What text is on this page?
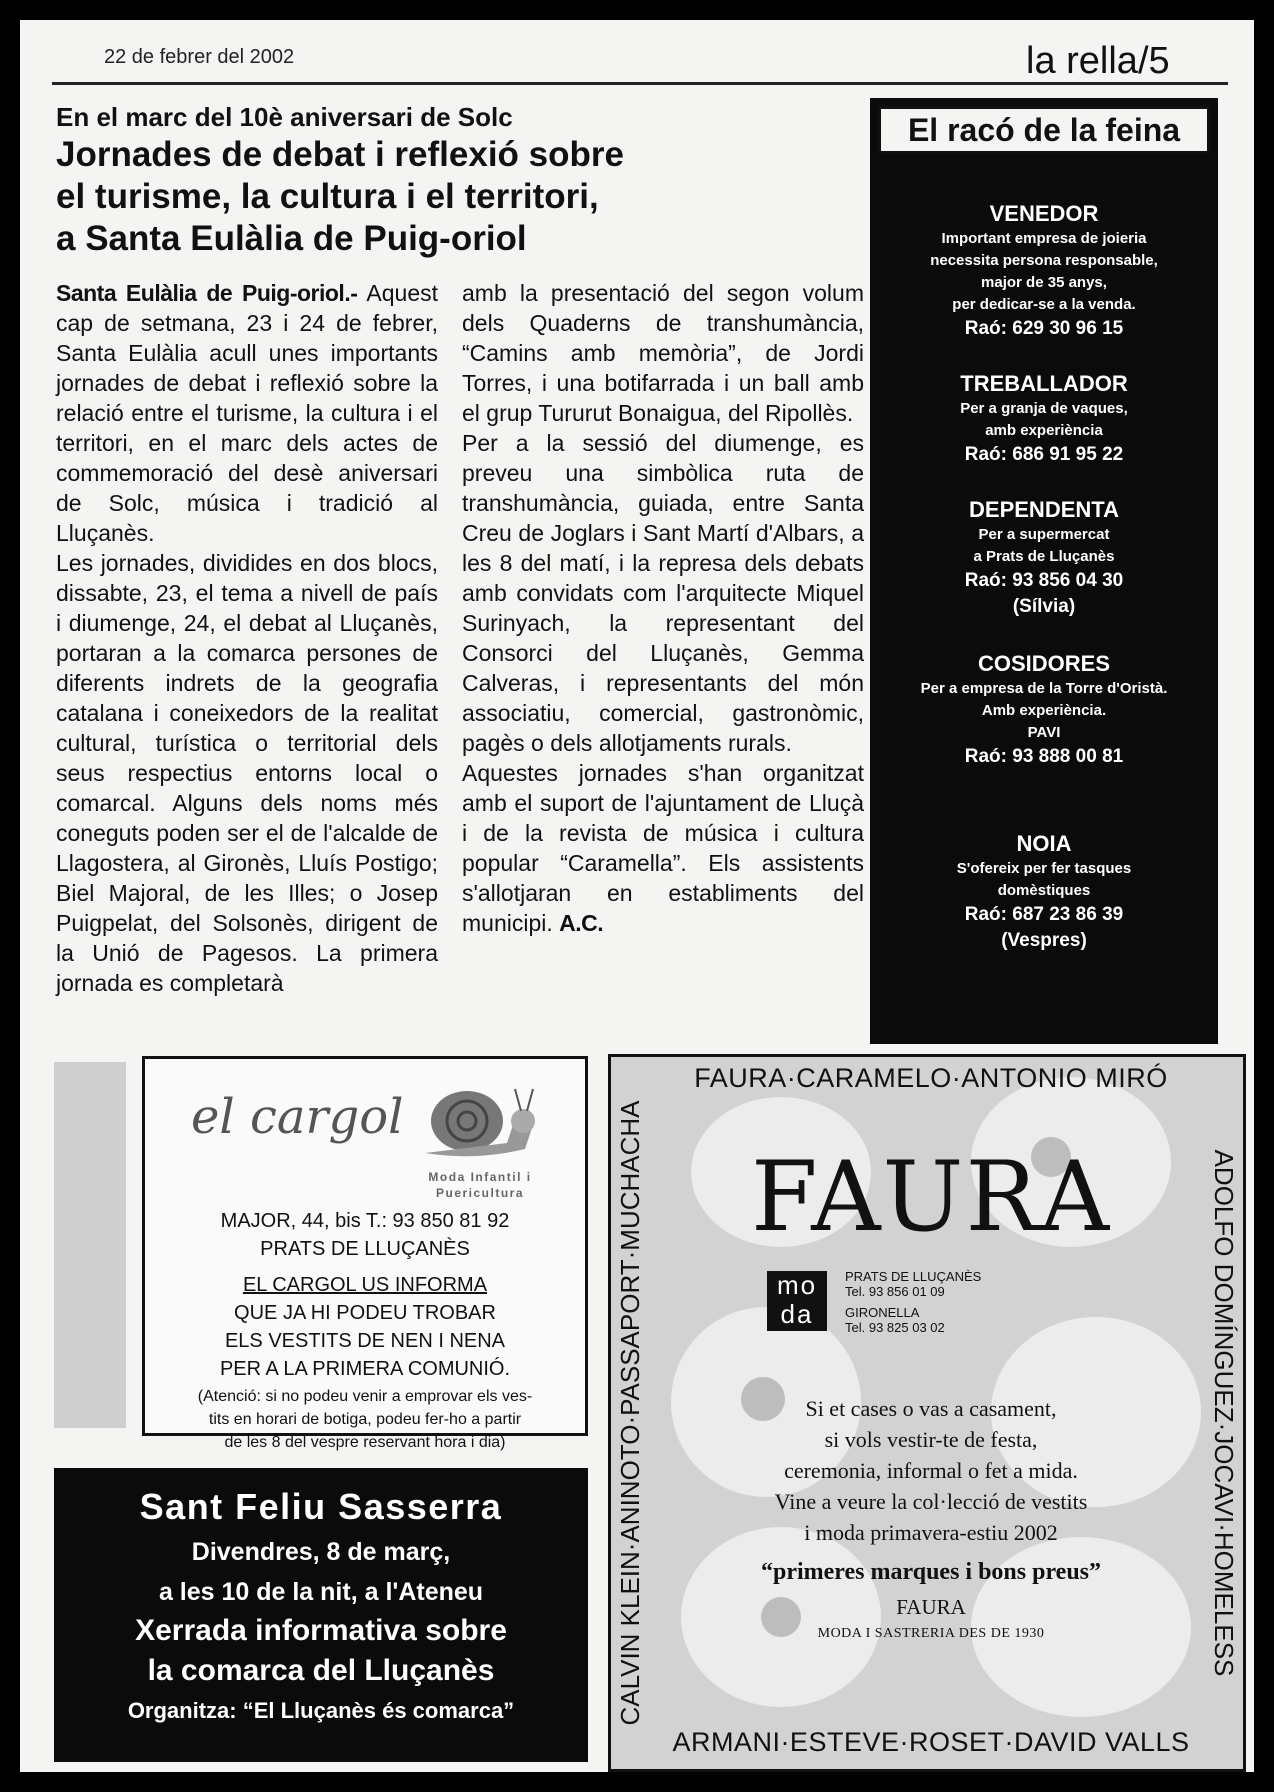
22 de febrer del 2002	la rella/5
En el marc del 10è aniversari de Solc
Jornades de debat i reflexió sobre
el turisme, la cultura i el territori,
a Santa Eulàlia de Puig-oriol

Santa Eulàlia de Puig-oriol.- Aquest cap de setmana, 23 i 24 de febrer, Santa Eulàlia acull unes importants jornades de debat i reflexió sobre la relació entre el turisme, la cultura i el territori, en el marc dels actes de commemoració del desè aniversari de Solc, música i tradició al Lluçanès.

Les jornades, dividides en dos blocs, dissabte, 23, el tema a nivell de país i diumenge, 24, el debat al Lluçanès, portaran a la comarca persones de diferents indrets de la geografia catalana i coneixedors de la realitat cultural, turística o territorial dels seus respectius entorns local o comarcal. Alguns dels noms més coneguts poden ser el de l'alcalde de Llagostera, al Gironès, Lluís Postigo; Biel Majoral, de les Illes; o Josep Puigpelat, del Solsonès, dirigent de la Unió de Pagesos. La primera jornada es completarà

amb la presentació del segon volum dels Quaderns de transhumància, “Camins amb memòria”, de Jordi Torres, i una botifarrada i un ball amb el grup Tururut Bonaigua, del Ripollès.

Per a la sessió del diumenge, es preveu una simbòlica ruta de transhumància, guiada, entre Santa Creu de Joglars i Sant Martí d'Albars, a les 8 del matí, i la represa dels debats amb convidats com l'arquitecte Miquel Surinyach, la representant del Consorci del Lluçanès, Gemma Calveras, i representants del món associatiu, comercial, gastronòmic, pagès o dels allotjaments rurals.

Aquestes jornades s'han organitzat amb el suport de l'ajuntament de Lluçà i de la revista de música i cultura popular “Caramella”. Els assistents s'allotjaran en establiments del municipi. A.C.

El racó de la feina
VENEDOR
Important empresa de joieria
necessita persona responsable,
major de 35 anys,
per dedicar-se a la venda.
Raó: 629 30 96 15
TREBALLADOR
Per a granja de vaques,
amb experiència
Raó: 686 91 95 22
DEPENDENTA
Per a supermercat
a Prats de Lluçanès
Raó: 93 856 04 30
(Sílvia)
COSIDORES
Per a empresa de la Torre d'Oristà.
Amb experiència.
PAVI
Raó: 93 888 00 81
NOIA
S'ofereix per fer tasques
domèstiques
Raó: 687 23 86 39
(Vespres)
el cargol
Moda Infantil i
Puericultura
MAJOR, 44, bis T.: 93 850 81 92
PRATS DE LLUÇANÈS
EL CARGOL US INFORMA
QUE JA HI PODEU TROBAR
ELS VESTITS DE NEN I NENA
PER A LA PRIMERA COMUNIÓ.
(Atenció: si no podeu venir a emprovar els ves-
tits en horari de botiga, podeu fer-ho a partir
de les 8 del vespre reservant hora i dia)
Sant Feliu Sasserra
Divendres, 8 de març,
a les 10 de la nit, a l'Ateneu
Xerrada informativa sobre
la comarca del Lluçanès
Organitza: “El Lluçanès és comarca”
FAURA·CARAMELO·ANTONIO MIRÓ
ADOLFO DOMÍNGUEZ·JOCAVI·HOMELESS
ARMANI·ESTEVE·ROSET·DAVID VALLS
CALVIN KLEIN·ANINOTO·PASSAPORT·MUCHACHA	FAURA
mo
da
PRATS DE LLUÇANÈS
Tel. 93 856 01 09
GIRONELLA
Tel. 93 825 03 02
Si et cases o vas a casament,
si vols vestir-te de festa,
ceremonia, informal o fet a mida.
Vine a veure la col·lecció de vestits
i moda primavera-estiu 2002
“primeres marques i bons preus”
FAURA
MODA I SASTRERIA DES DE 1930
